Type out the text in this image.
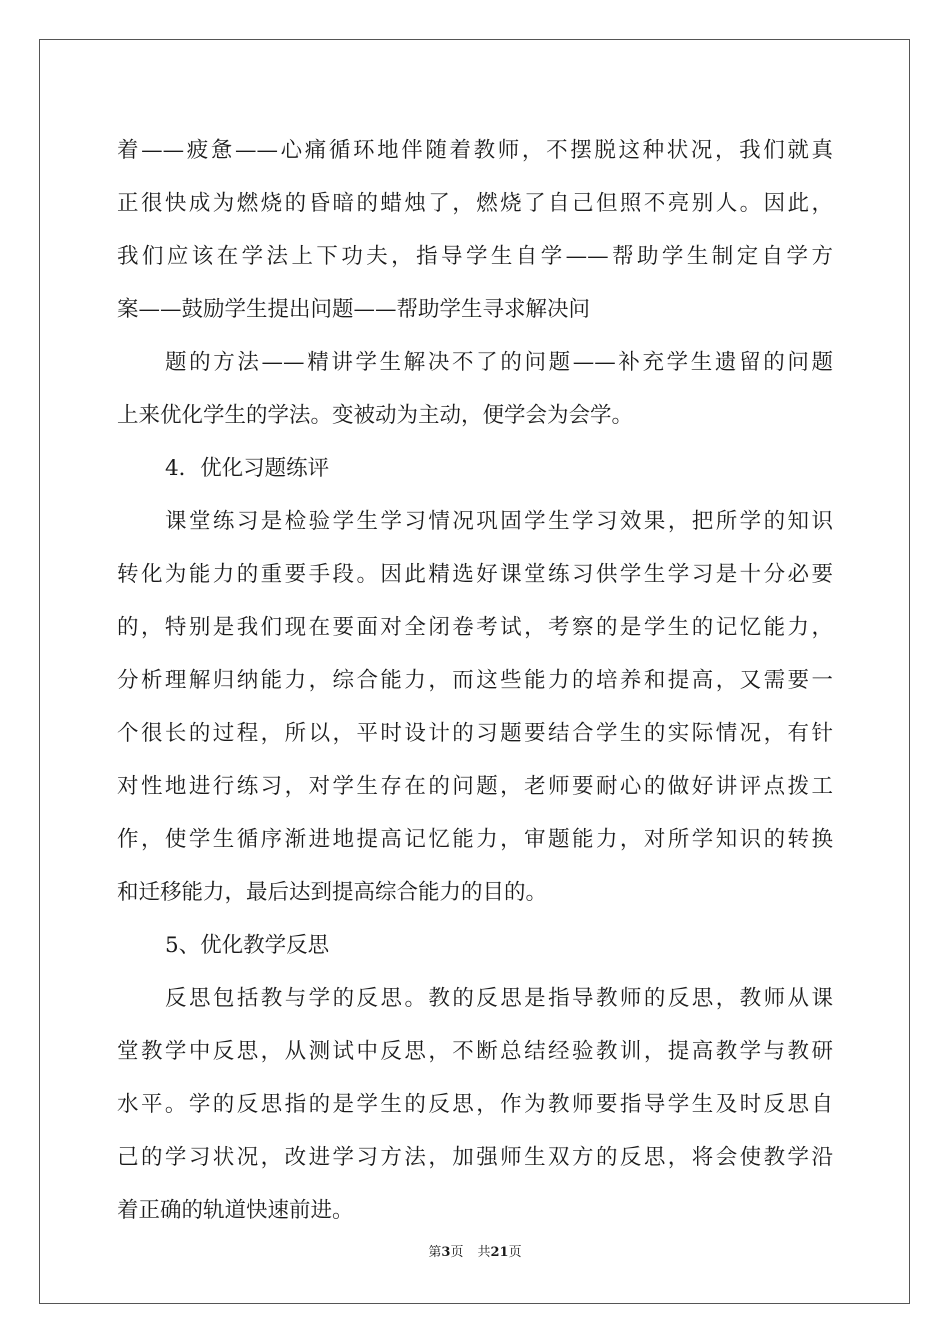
着——疲惫——心痛循环地伴随着教师，不摆脱这种状况，我们就真
正很快成为燃烧的昏暗的蜡烛了，燃烧了自己但照不亮别人。因此，
我们应该在学法上下功夫，指导学生自学——帮助学生制定自学方
案——鼓励学生提出问题——帮助学生寻求解决问
题的方法——精讲学生解决不了的问题——补充学生遗留的问题
上来优化学生的学法。变被动为主动，便学会为会学。
4．优化习题练评
课堂练习是检验学生学习情况巩固学生学习效果，把所学的知识
转化为能力的重要手段。因此精选好课堂练习供学生学习是十分必要
的，特别是我们现在要面对全闭卷考试，考察的是学生的记忆能力，
分析理解归纳能力，综合能力，而这些能力的培养和提高，又需要一
个很长的过程，所以，平时设计的习题要结合学生的实际情况，有针
对性地进行练习，对学生存在的问题，老师要耐心的做好讲评点拨工
作，使学生循序渐进地提高记忆能力，审题能力，对所学知识的转换
和迁移能力，最后达到提高综合能力的目的。
5、优化教学反思
反思包括教与学的反思。教的反思是指导教师的反思，教师从课
堂教学中反思，从测试中反思，不断总结经验教训，提高教学与教研
水平。学的反思指的是学生的反思，作为教师要指导学生及时反思自
己的学习状况，改进学习方法，加强师生双方的反思，将会使教学沿
着正确的轨道快速前进。
第3页 共21页
